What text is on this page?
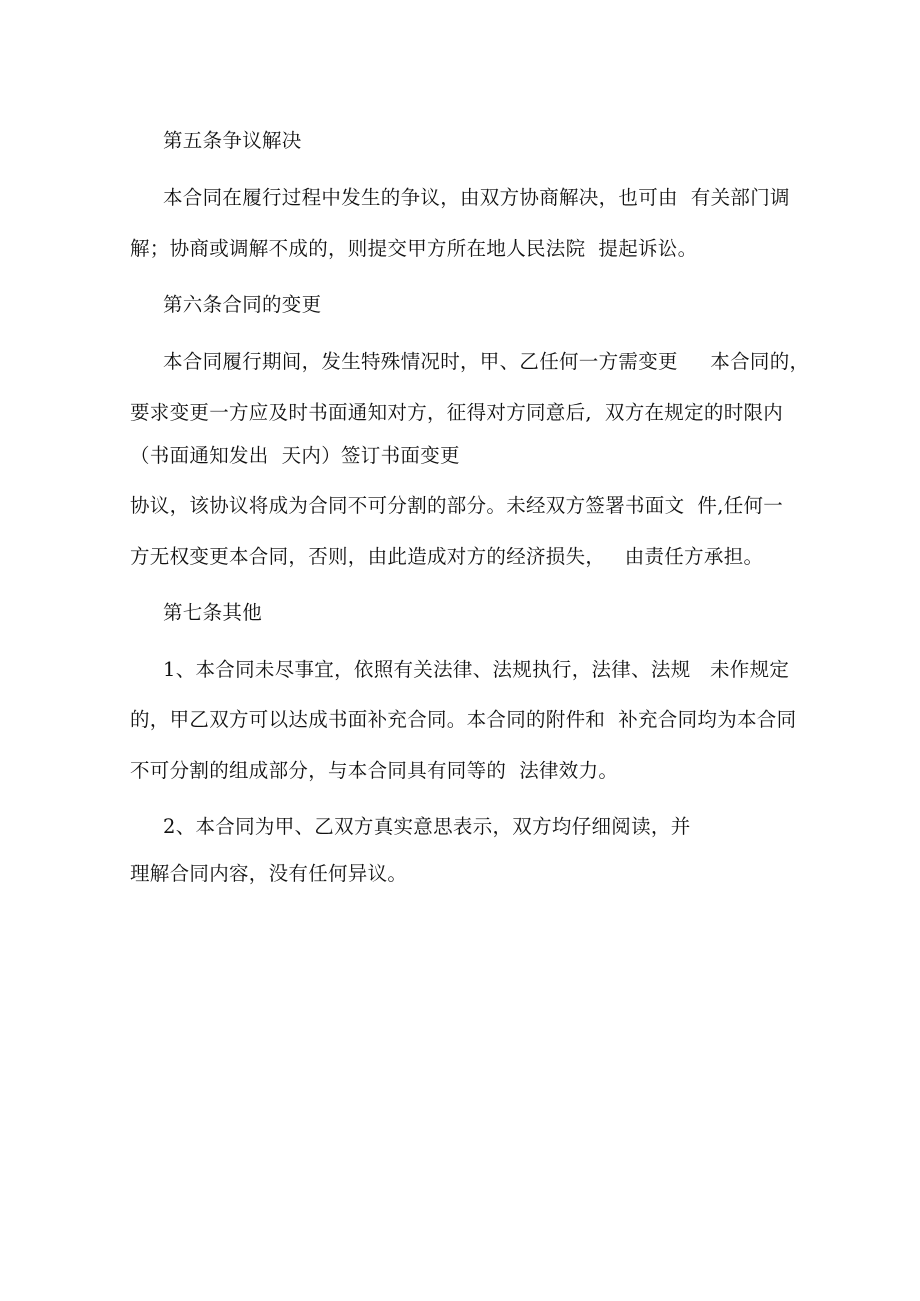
第五条争议解决
本合同在履行过程中发生的争议，由双方协商解决，也可由  有关部门调
解；协商或调解不成的，则提交甲方所在地人民法院  提起诉讼。
第六条合同的变更
本合同履行期间，发生特殊情况时，甲、乙任何一方需变更     本合同的，
要求变更一方应及时书面通知对方，征得对方同意后,  双方在规定的时限内
（书面通知发出  天内）签订书面变更
协议，该协议将成为合同不可分割的部分。未经双方签署书面文  件,任何一
方无权变更本合同，否则，由此造成对方的经济损失，   由责任方承担。
第七条其他
1、本合同未尽事宜，依照有关法律、法规执行，法律、法规   未作规定
的，甲乙双方可以达成书面补充合同。本合同的附件和  补充合同均为本合同
不可分割的组成部分，与本合同具有同等的  法律效力。
2、本合同为甲、乙双方真实意思表示，双方均仔细阅读，并
理解合同内容，没有任何异议。
